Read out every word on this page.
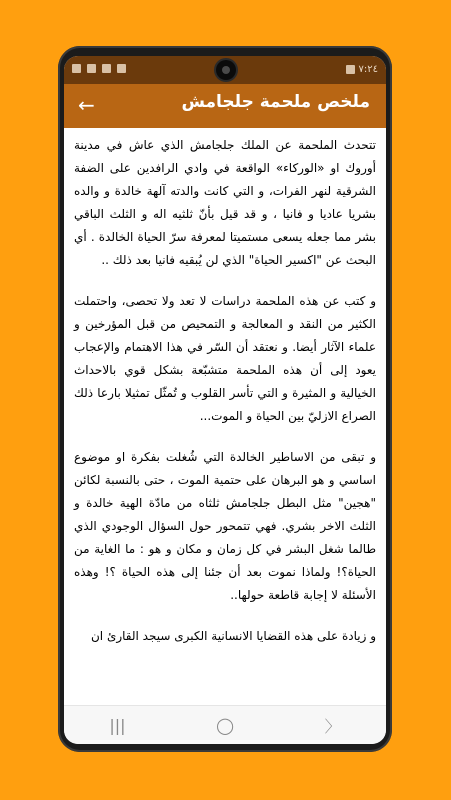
٧:٢٤
←	ملخص ملحمة جلجامش

تتحدث الملحمة عن الملك جلجامش الذي عاش في مدينة أوروك او «الوركاء» الواقعة في وادي الرافدين على الضفة الشرقية لنهر الفرات، و التي كانت والدته آلهة خالدة و والده بشريا عاديا و فانيا ، و قد قيل بأنّ ثلثيه اله و الثلث الباقي بشر مما جعله يسعى مستميتا لمعرفة سرّ الحياة الخالدة . أي البحث عن "اكسير الحياة" الذي لن يُبقيه فانيا بعد ذلك ..

و كتب عن هذه الملحمة دراسات لا تعد ولا تحصى، واحتملت الكثير من النقد و المعالجة و التمحيص من قبل المؤرخين و علماء الآثار أيضا. و نعتقد أن السّر في هذا الاهتمام والإعجاب يعود إلى أن هذه الملحمة متشبّعة بشكل قوي بالاحداث الخيالية و المثيرة و التي تأسر القلوب و تُمثّل تمثيلا بارعا ذلك الصراع الازليّ بين الحياة و الموت...

و تبقى من الاساطير الخالدة التي شُغلت بفكرة او موضوع اساسي و هو البرهان على حتمية الموت ، حتى بالنسبة لكائن "هجين" مثل البطل جلجامش ثلثاه من مادّة الهية خالدة و الثلث الاخر بشري. فهي تتمحور حول السؤال الوجودي الذي طالما شغل البشر في كل زمان و مكان و هو : ما الغاية من الحياة؟! ولماذا نموت بعد أن جئنا إلى هذه الحياة ؟! وهذه الأسئلة لا إجابة قاطعة حولها..

و زيادة على هذه القضايا الانسانية الكبرى سيجد القارئ ان

|||	◯	〉
